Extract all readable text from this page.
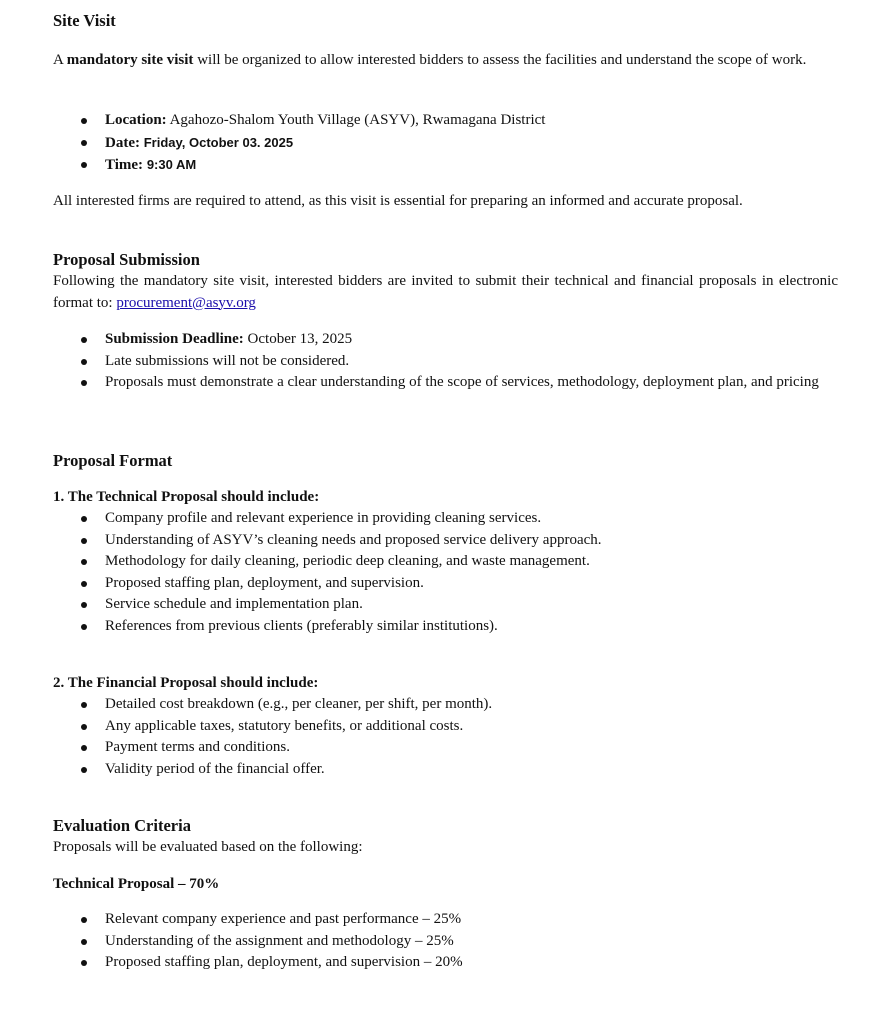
Site Visit

A mandatory site visit will be organized to allow interested bidders to assess the facilities and understand the scope of work.

Location: Agahozo-Shalom Youth Village (ASYV), Rwamagana District
Date: Friday, October 03. 2025
Time: 9:30 AM

All interested firms are required to attend, as this visit is essential for preparing an informed and accurate proposal.

Proposal Submission

Following the mandatory site visit, interested bidders are invited to submit their technical and financial proposals in electronic format to: procurement@asyv.org

Submission Deadline: October 13, 2025
Late submissions will not be considered.
Proposals must demonstrate a clear understanding of the scope of services, methodology, deployment plan, and pricing
Proposal Format

1. The Technical Proposal should include:

Company profile and relevant experience in providing cleaning services.
Understanding of ASYV’s cleaning needs and proposed service delivery approach.
Methodology for daily cleaning, periodic deep cleaning, and waste management.
Proposed staffing plan, deployment, and supervision.
Service schedule and implementation plan.
References from previous clients (preferably similar institutions).

2. The Financial Proposal should include:

Detailed cost breakdown (e.g., per cleaner, per shift, per month).
Any applicable taxes, statutory benefits, or additional costs.
Payment terms and conditions.
Validity period of the financial offer.
Evaluation Criteria

Proposals will be evaluated based on the following:

Technical Proposal – 70%

Relevant company experience and past performance – 25%
Understanding of the assignment and methodology – 25%
Proposed staffing plan, deployment, and supervision – 20%
